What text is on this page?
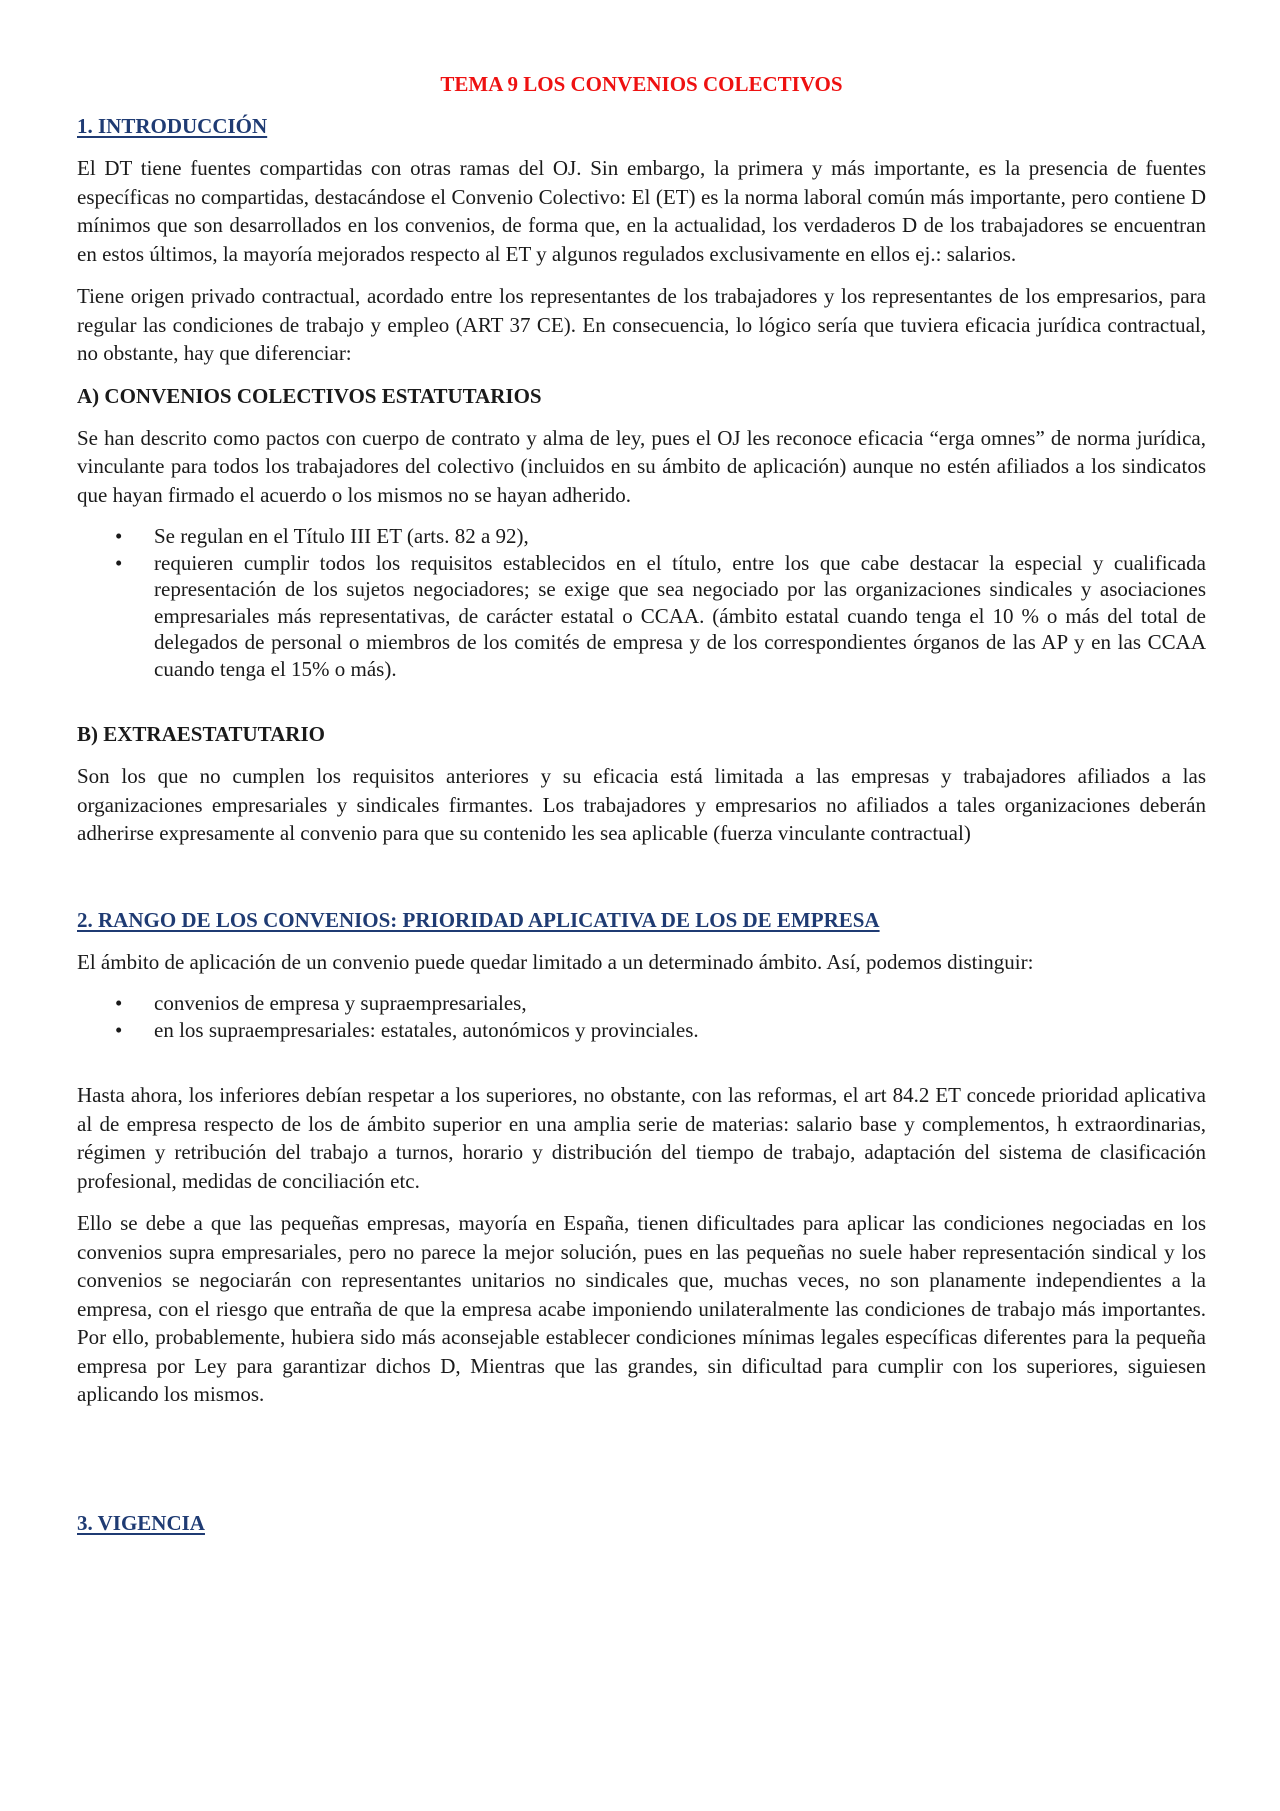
TEMA 9 LOS CONVENIOS COLECTIVOS
1. INTRODUCCIÓN

El DT tiene fuentes compartidas con otras ramas del OJ. Sin embargo, la primera y más importante, es la presencia de fuentes específicas no compartidas, destacándose el Convenio Colectivo: El (ET) es la norma laboral común más importante, pero contiene D mínimos que son desarrollados en los convenios, de forma que, en la actualidad, los verdaderos D de los trabajadores se encuentran en estos últimos, la mayoría mejorados respecto al ET y algunos regulados exclusivamente en ellos ej.: salarios.

Tiene origen privado contractual, acordado entre los representantes de los trabajadores y los representantes de los empresarios, para regular las condiciones de trabajo y empleo (ART 37 CE). En consecuencia, lo lógico sería que tuviera eficacia jurídica contractual, no obstante, hay que diferenciar:

A) CONVENIOS COLECTIVOS ESTATUTARIOS

Se han descrito como pactos con cuerpo de contrato y alma de ley, pues el OJ les reconoce eficacia “erga omnes” de norma jurídica, vinculante para todos los trabajadores del colectivo (incluidos en su ámbito de aplicación) aunque no estén afiliados a los sindicatos que hayan firmado el acuerdo o los mismos no se hayan adherido.

• Se regulan en el Título III ET (arts. 82 a 92),
• requieren cumplir todos los requisitos establecidos en el título, entre los que cabe destacar la especial y cualificada representación de los sujetos negociadores; se exige que sea negociado por las organizaciones sindicales y asociaciones empresariales más representativas, de carácter estatal o CCAA. (ámbito estatal cuando tenga el 10 % o más del total de delegados de personal o miembros de los comités de empresa y de los correspondientes órganos de las AP y en las CCAA cuando tenga el 15% o más).
B) EXTRAESTATUTARIO

Son los que no cumplen los requisitos anteriores y su eficacia está limitada a las empresas y trabajadores afiliados a las organizaciones empresariales y sindicales firmantes. Los trabajadores y empresarios no afiliados a tales organizaciones deberán adherirse expresamente al convenio para que su contenido les sea aplicable (fuerza vinculante contractual)

2. RANGO DE LOS CONVENIOS: PRIORIDAD APLICATIVA DE LOS DE EMPRESA

El ámbito de aplicación de un convenio puede quedar limitado a un determinado ámbito. Así, podemos distinguir:

• convenios de empresa y supraempresariales,
• en los supraempresariales: estatales, autonómicos y provinciales.

Hasta ahora, los inferiores debían respetar a los superiores, no obstante, con las reformas, el art 84.2 ET concede prioridad aplicativa al de empresa respecto de los de ámbito superior en una amplia serie de materias: salario base y complementos, h extraordinarias, régimen y retribución del trabajo a turnos, horario y distribución del tiempo de trabajo, adaptación del sistema de clasificación profesional, medidas de conciliación etc.

Ello se debe a que las pequeñas empresas, mayoría en España, tienen dificultades para aplicar las condiciones negociadas en los convenios supra empresariales, pero no parece la mejor solución, pues en las pequeñas no suele haber representación sindical y los convenios se negociarán con representantes unitarios no sindicales que, muchas veces, no son planamente independientes a la empresa, con el riesgo que entraña de que la empresa acabe imponiendo unilateralmente las condiciones de trabajo más importantes. Por ello, probablemente, hubiera sido más aconsejable establecer condiciones mínimas legales específicas diferentes para la pequeña empresa por Ley para garantizar dichos D, Mientras que las grandes, sin dificultad para cumplir con los superiores, siguiesen aplicando los mismos.

3. VIGENCIA
